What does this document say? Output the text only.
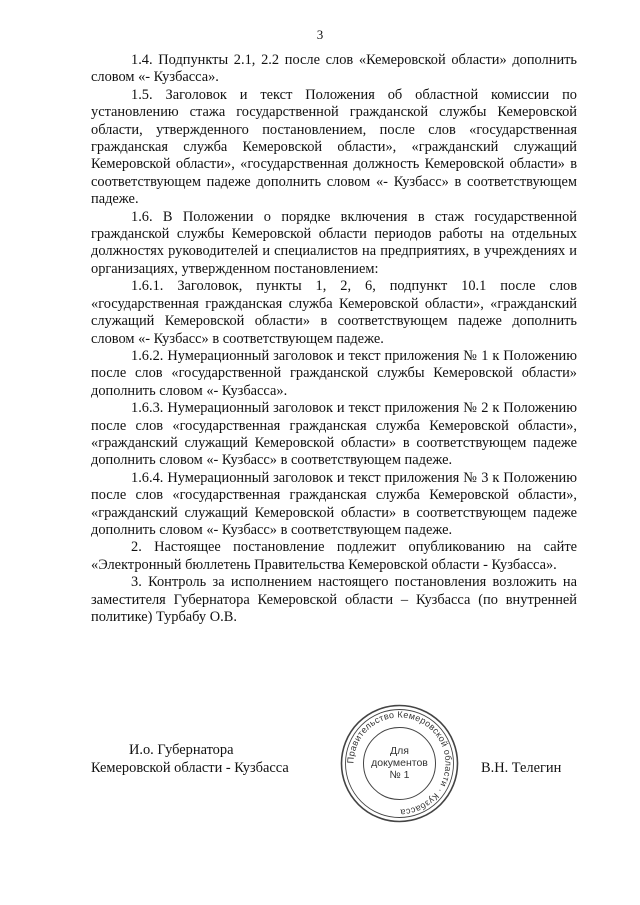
3

1.4. Подпункты 2.1, 2.2 после слов «Кемеровской области» дополнить словом «- Кузбасса».

1.5. Заголовок и текст Положения об областной комиссии по установлению стажа государственной гражданской службы Кемеровской области, утвержденного постановлением, после слов «государственная гражданская служба Кемеровской области», «гражданский служащий Кемеровской области», «государственная должность Кемеровской области» в соответствующем падеже дополнить словом «- Кузбасс» в соответствующем падеже.

1.6. В Положении о порядке включения в стаж государственной гражданской службы Кемеровской области периодов работы на отдельных должностях руководителей и специалистов на предприятиях, в учреждениях и организациях, утвержденном постановлением:

1.6.1. Заголовок, пункты 1, 2, 6, подпункт 10.1 после слов «государственная гражданская служба Кемеровской области», «гражданский служащий Кемеровской области» в соответствующем падеже дополнить словом «- Кузбасс» в соответствующем падеже.

1.6.2. Нумерационный заголовок и текст приложения № 1 к Положению после слов «государственной гражданской службы Кемеровской области» дополнить словом «- Кузбасса».

1.6.3. Нумерационный заголовок и текст приложения № 2 к Положению после слов «государственная гражданская служба Кемеровской области», «гражданский служащий Кемеровской области» в соответствующем падеже дополнить словом «- Кузбасс» в соответствующем падеже.

1.6.4. Нумерационный заголовок и текст приложения № 3 к Положению после слов «государственная гражданская служба Кемеровской области», «гражданский служащий Кемеровской области» в соответствующем падеже дополнить словом «- Кузбасс» в соответствующем падеже.

2. Настоящее постановление подлежит опубликованию на сайте «Электронный бюллетень Правительства Кемеровской области - Кузбасса».

3. Контроль за исполнением настоящего постановления возложить на заместителя Губернатора Кемеровской области – Кузбасса (по внутренней политике) Турбабу О.В.

И.о. Губернатора
Кемеровской области - Кузбасса
Правительство Кемеровской области · Кузбасса
Для
документов
№ 1	В.Н. Телегин
